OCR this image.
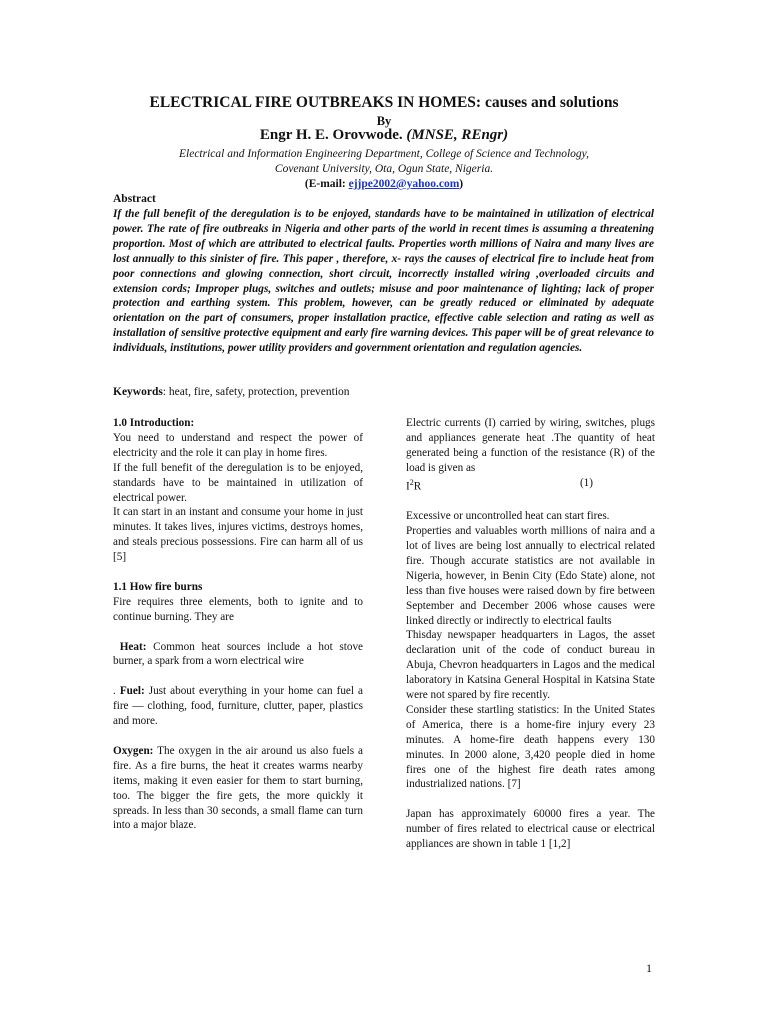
ELECTRICAL FIRE OUTBREAKS IN HOMES: causes and solutions
By
Engr H. E. Orovwode. (MNSE, REngr)
Electrical and Information Engineering Department, College of Science and Technology,
Covenant University, Ota, Ogun State, Nigeria.
(E-mail: ejjpe2002@yahoo.com)
Abstract
If the full benefit of the deregulation is to be enjoyed, standards have to be maintained in utilization of electrical power. The rate of fire outbreaks in Nigeria and other parts of the world in recent times is assuming a threatening proportion. Most of which are attributed to electrical faults. Properties worth millions of Naira and many lives are lost annually to this sinister of fire. This paper , therefore, x- rays the causes of electrical fire to include heat from poor connections and glowing connection, short circuit, incorrectly installed wiring ,overloaded circuits and extension cords; Improper plugs, switches and outlets; misuse and poor maintenance of lighting; lack of proper protection and earthing system. This problem, however, can be greatly reduced or eliminated by adequate orientation on the part of consumers, proper installation practice, effective cable selection and rating as well as installation of sensitive protective equipment and early fire warning devices. This paper will be of great relevance to individuals, institutions, power utility providers and government orientation and regulation agencies.
Keywords: heat, fire, safety, protection, prevention

1.0 Introduction:

You need to understand and respect the power of electricity and the role it can play in home fires.

If the full benefit of the deregulation is to be enjoyed, standards have to be maintained in utilization of electrical power.

It can start in an instant and consume your home in just minutes. It takes lives, injures victims, destroys homes, and steals precious possessions. Fire can harm all of us [5]

1.1 How fire burns

Fire requires three elements, both to ignite and to continue burning. They are

Heat: Common heat sources include a hot stove burner, a spark from a worn electrical wire

. Fuel: Just about everything in your home can fuel a fire — clothing, food, furniture, clutter, paper, plastics and more.

Oxygen: The oxygen in the air around us also fuels a fire. As a fire burns, the heat it creates warms nearby items, making it even easier for them to start burning, too. The bigger the fire gets, the more quickly it spreads. In less than 30 seconds, a small flame can turn into a major blaze.

Electric currents (I) carried by wiring, switches, plugs and appliances generate heat .The quantity of heat generated being a function of the resistance (R) of the load is given as

$I^2R$	(1)

Excessive or uncontrolled heat can start fires.

Properties and valuables worth millions of naira and a lot of lives are being lost annually to electrical related fire. Though accurate statistics are not available in Nigeria, however, in Benin City (Edo State) alone, not less than five houses were raised down by fire between September and December 2006 whose causes were linked directly or indirectly to electrical faults

Thisday newspaper headquarters in Lagos, the asset declaration unit of the code of conduct bureau in Abuja, Chevron headquarters in Lagos and the medical laboratory in Katsina General Hospital in Katsina State were not spared by fire recently.

Consider these startling statistics: In the United States of America, there is a home-fire injury every 23 minutes. A home-fire death happens every 130 minutes. In 2000 alone, 3,420 people died in home fires one of the highest fire death rates among industrialized nations. [7]

Japan has approximately 60000 fires a year. The number of fires related to electrical cause or electrical appliances are shown in table 1 [1,2]

1
